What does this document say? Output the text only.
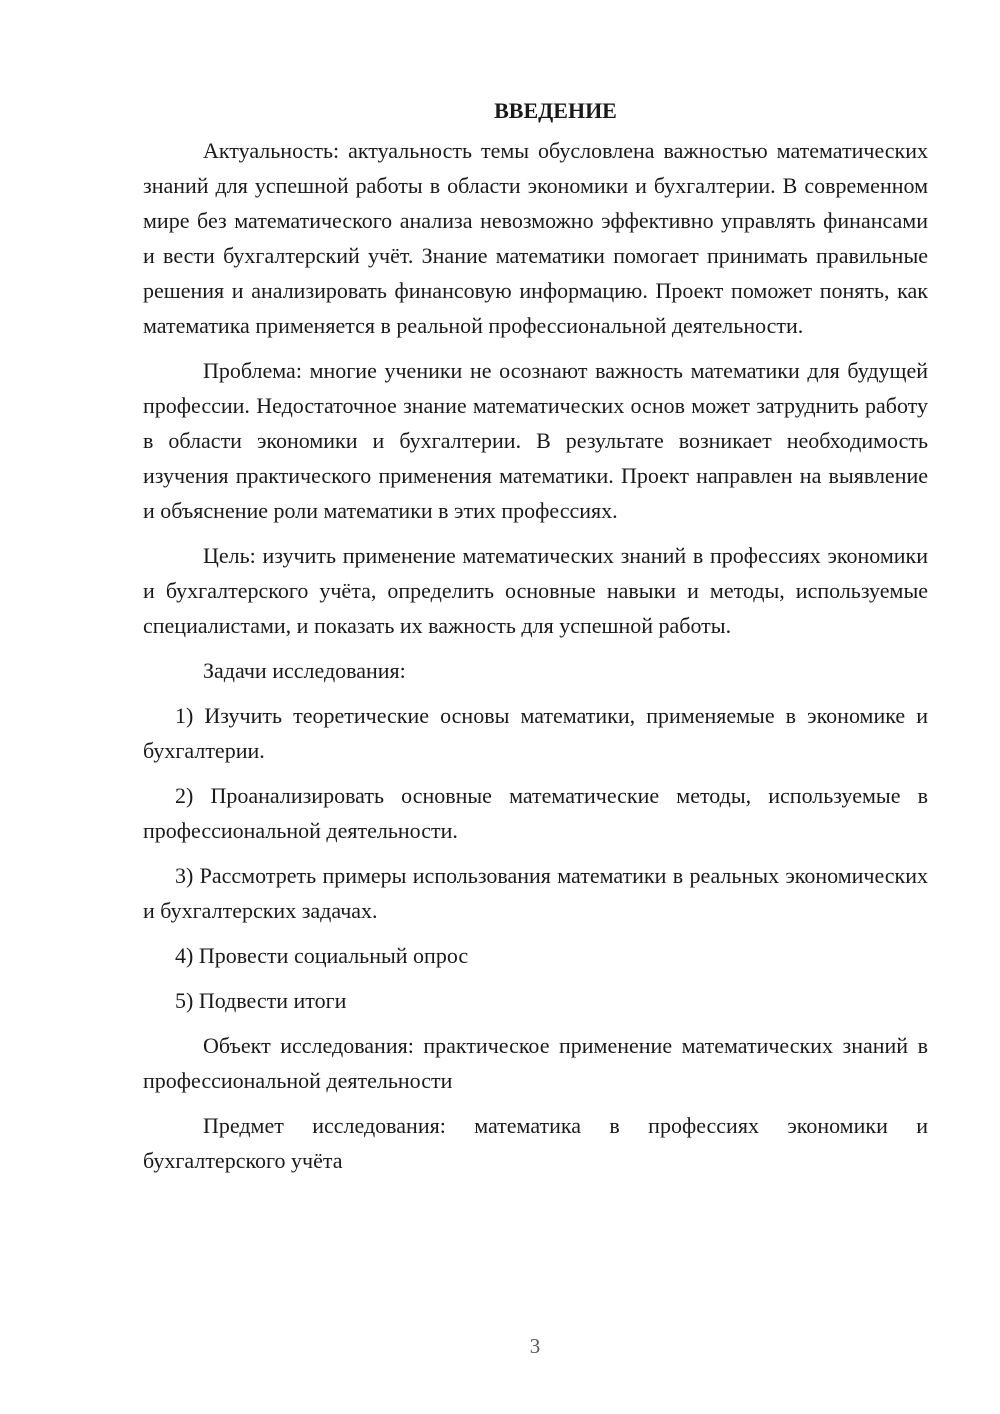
ВВЕДЕНИЕ

Актуальность: актуальность темы обусловлена важностью математических знаний для успешной работы в области экономики и бухгалтерии. В современном мире без математического анализа невозможно эффективно управлять финансами и вести бухгалтерский учёт. Знание математики помогает принимать правильные решения и анализировать финансовую информацию. Проект поможет понять, как математика применяется в реальной профессиональной деятельности.

Проблема: многие ученики не осознают важность математики для будущей профессии. Недостаточное знание математических основ может затруднить работу в области экономики и бухгалтерии. В результате возникает необходимость изучения практического применения математики. Проект направлен на выявление и объяснение роли математики в этих профессиях.

Цель: изучить применение математических знаний в профессиях экономики и бухгалтерского учёта, определить основные навыки и методы, используемые специалистами, и показать их важность для успешной работы.

Задачи исследования:

1) Изучить теоретические основы математики, применяемые в экономике и бухгалтерии.

2) Проанализировать основные математические методы, используемые в профессиональной деятельности.

3) Рассмотреть примеры использования математики в реальных экономических и бухгалтерских задачах.

4) Провести социальный опрос

5) Подвести итоги

Объект исследования: практическое применение математических знаний в профессиональной деятельности

Предмет исследования: математика в профессиях экономики и бухгалтерского учёта

3
